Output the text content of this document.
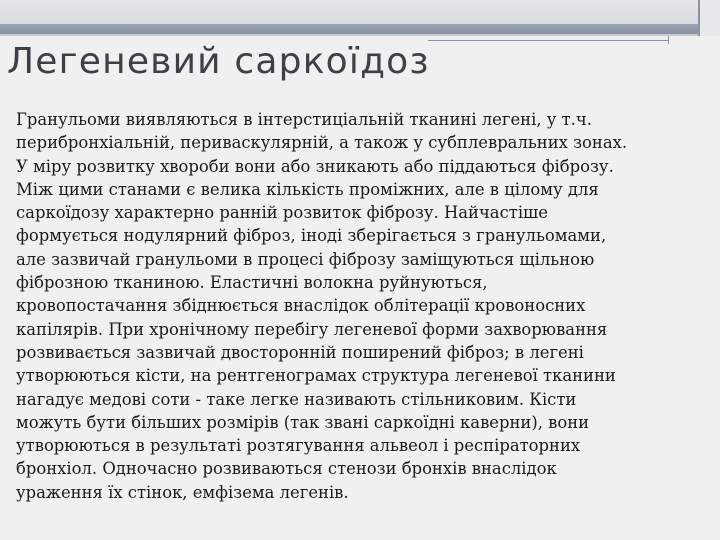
Легеневий саркоїдоз
Гранульоми виявляються в інтерстиціальній тканині легені, у т.ч.
перибронхіальній, периваскулярній, а також у субплевральних зонах.
У міру розвитку хвороби вони або зникають або піддаються фіброзу.
Між цими станами є велика кількість проміжних, але в цілому для
саркоїдозу характерно ранній розвиток фіброзу. Найчастіше
формується нодулярний фіброз, іноді зберігається з гранульомами,
але зазвичай гранульоми в процесі фіброзу заміщуються щільною
фіброзною тканиною. Еластичні волокна руйнуються,
кровопостачання збіднюється внаслідок облітерації кровоносних
капілярів. При хронічному перебігу легеневої форми захворювання
розвивається зазвичай двосторонній поширений фіброз; в легені
утворюються кісти, на рентгенограмах структура легеневої тканини
нагадує медові соти - таке легке називають стільниковим. Кісти
можуть бути більших розмірів (так звані саркоїдні каверни), вони
утворюються в результаті розтягування альвеол і респіраторних
бронхіол. Одночасно розвиваються стенози бронхів внаслідок
ураження їх стінок, емфізема легенів.
